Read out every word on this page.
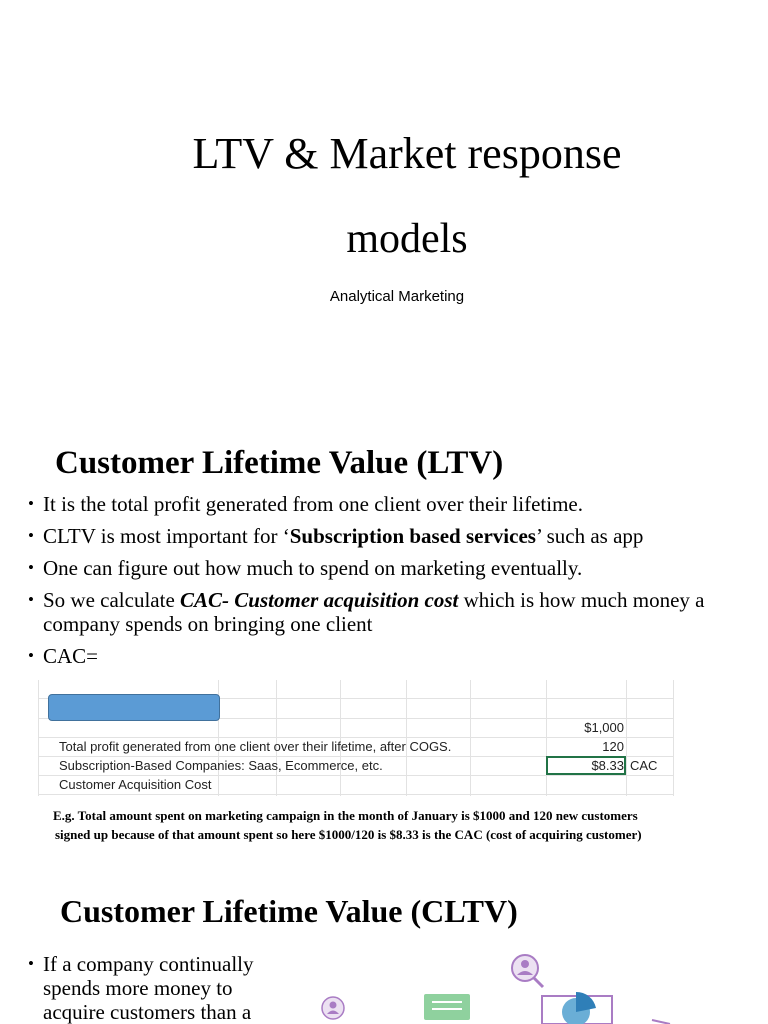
LTV & Market response
models
Analytical Marketing
Customer Lifetime Value (LTV)
• It is the total profit generated from one client over their lifetime.
• CLTV is most important for ‘Subscription based services’ such as app
• One can figure out how much to spend on marketing eventually.
• So we calculate CAC- Customer acquisition cost which is how much money a company spends on bringing one client
• CAC=
$1,000
Total profit generated from one client over their lifetime, after COGS.	120
Subscription-Based Companies: Saas, Ecommerce, etc.	$8.33 CAC
Customer Acquisition Cost
E.g. Total amount spent on marketing campaign in the month of January is $1000 and 120 new customers
signed up because of that amount spent so here $1000/120 is $8.33 is the CAC (cost of acquiring customer)
Customer Lifetime Value (CLTV)
• If a company continually spends more money to acquire customers than a
